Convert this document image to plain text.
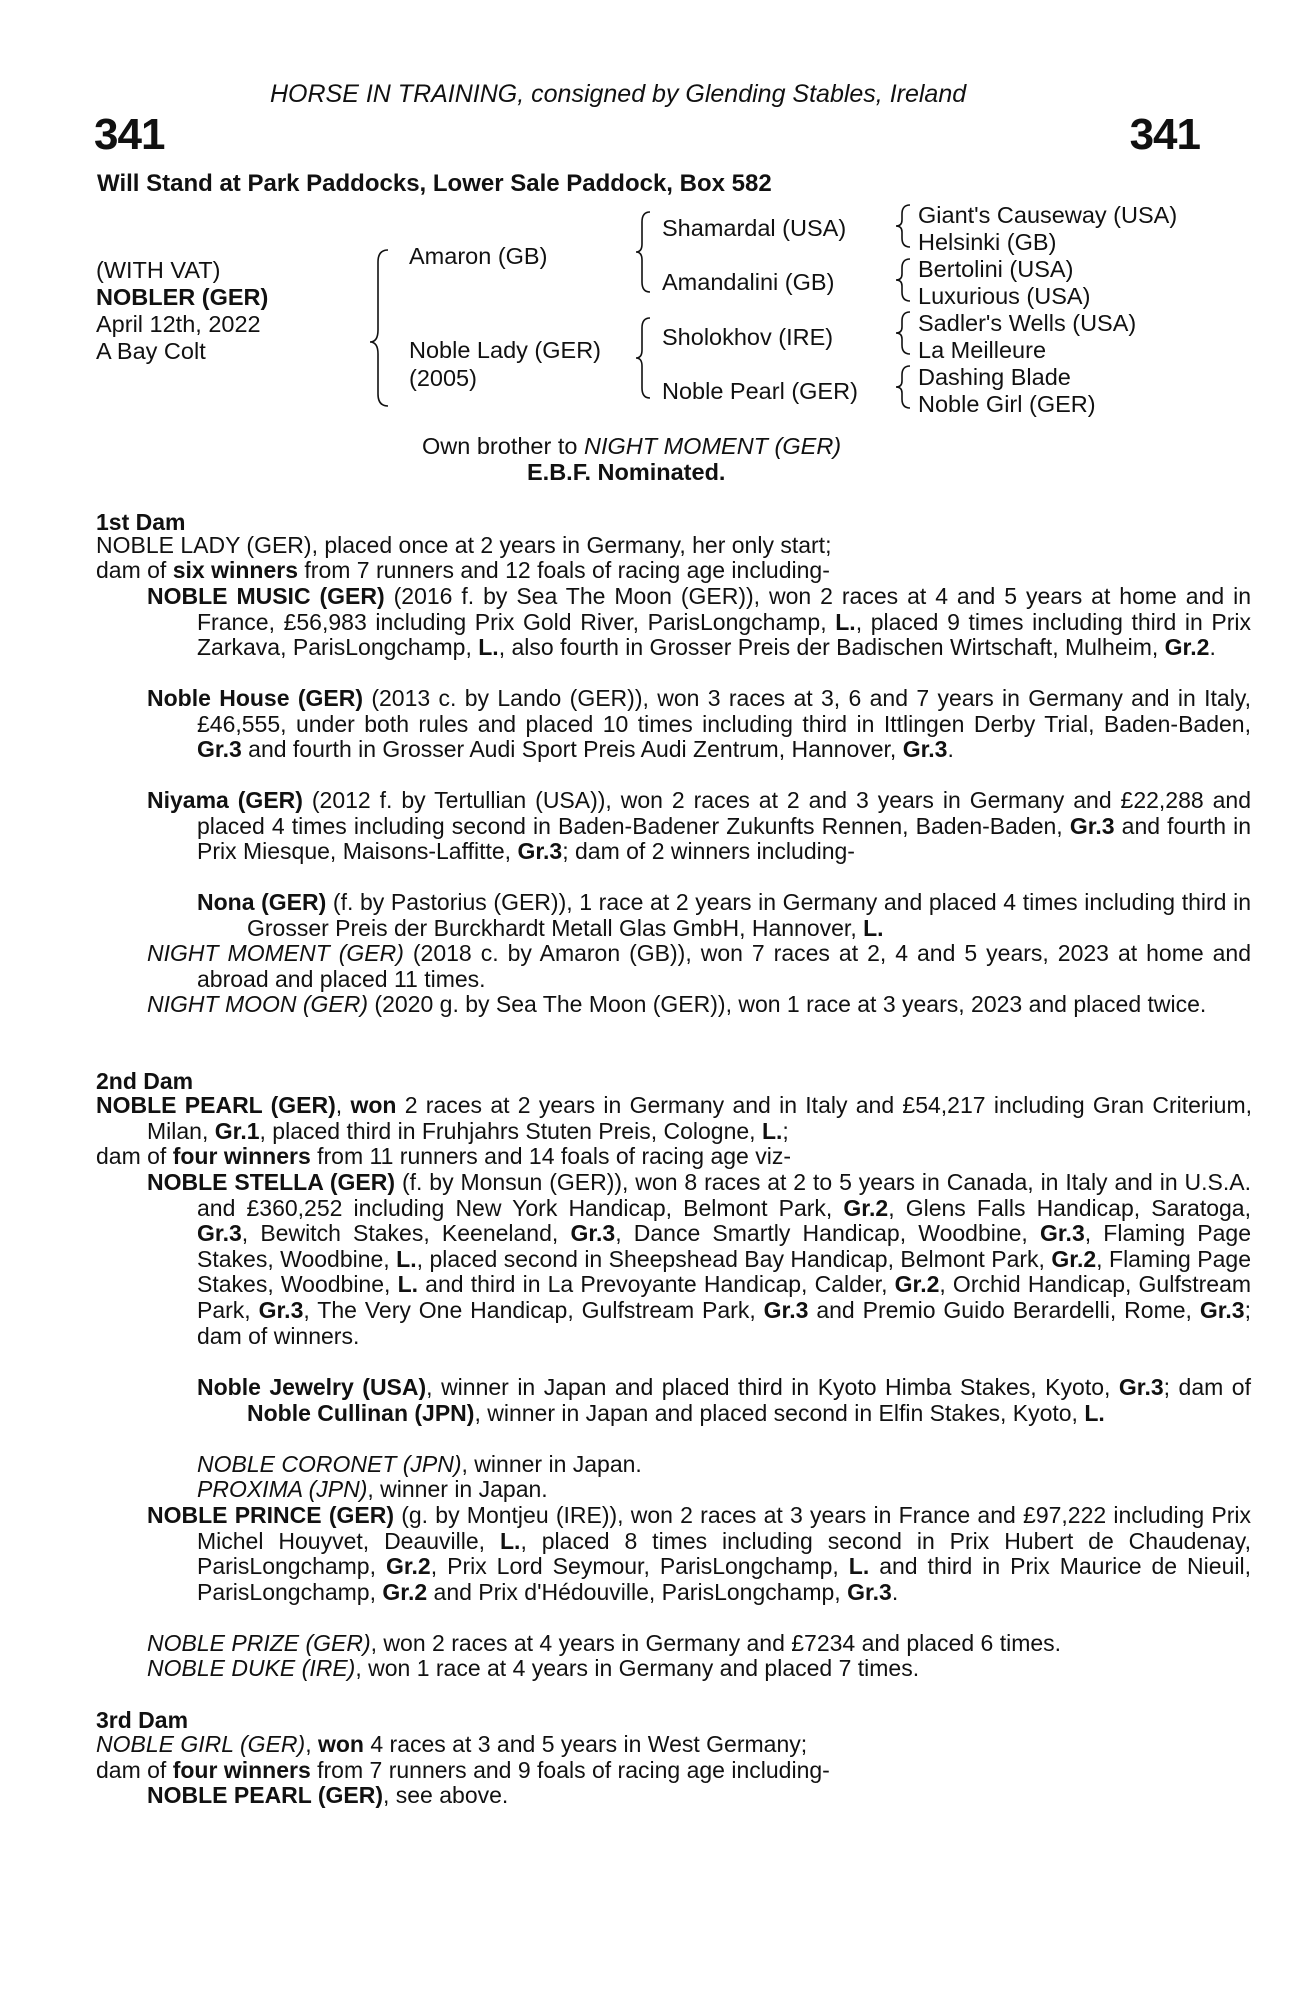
HORSE IN TRAINING, consigned by Glending Stables, Ireland
341	341
Will Stand at Park Paddocks, Lower Sale Paddock, Box 582
(WITH VAT)
NOBLER (GER)
April 12th, 2022
A Bay Colt
Amaron (GB)
Noble Lady (GER)
(2005)
Shamardal (USA)
Amandalini (GB)
Sholokhov (IRE)
Noble Pearl (GER)
Giant's Causeway (USA)
Helsinki (GB)
Bertolini (USA)
Luxurious (USA)
Sadler's Wells (USA)
La Meilleure
Dashing Blade
Noble Girl (GER)
Own brother to NIGHT MOMENT (GER)
E.B.F. Nominated.
1st Dam
NOBLE LADY (GER), placed once at 2 years in Germany, her only start;
dam of six winners from 7 runners and 12 foals of racing age including-
NOBLE MUSIC (GER) (2016 f. by Sea The Moon (GER)), won 2 races at 4 and 5 years at home and in France, £56,983 including Prix Gold River, ParisLongchamp, L., placed 9 times including third in Prix Zarkava, ParisLongchamp, L., also fourth in Grosser Preis der Badischen Wirtschaft, Mulheim, Gr.2.
Noble House (GER) (2013 c. by Lando (GER)), won 3 races at 3, 6 and 7 years in Germany and in Italy, £46,555, under both rules and placed 10 times including third in Ittlingen Derby Trial, Baden-Baden, Gr.3 and fourth in Grosser Audi Sport Preis Audi Zentrum, Hannover, Gr.3.
Niyama (GER) (2012 f. by Tertullian (USA)), won 2 races at 2 and 3 years in Germany and £22,288 and placed 4 times including second in Baden-Badener Zukunfts Rennen, Baden-Baden, Gr.3 and fourth in Prix Miesque, Maisons-Laffitte, Gr.3; dam of 2 winners including-
Nona (GER) (f. by Pastorius (GER)), 1 race at 2 years in Germany and placed 4 times including third in Grosser Preis der Burckhardt Metall Glas GmbH, Hannover, L.
NIGHT MOMENT (GER) (2018 c. by Amaron (GB)), won 7 races at 2, 4 and 5 years, 2023 at home and abroad and placed 11 times.
NIGHT MOON (GER) (2020 g. by Sea The Moon (GER)), won 1 race at 3 years, 2023 and placed twice.
2nd Dam
NOBLE PEARL (GER), won 2 races at 2 years in Germany and in Italy and £54,217 including Gran Criterium, Milan, Gr.1, placed third in Fruhjahrs Stuten Preis, Cologne, L.;
dam of four winners from 11 runners and 14 foals of racing age viz-
NOBLE STELLA (GER) (f. by Monsun (GER)), won 8 races at 2 to 5 years in Canada, in Italy and in U.S.A. and £360,252 including New York Handicap, Belmont Park, Gr.2, Glens Falls Handicap, Saratoga, Gr.3, Bewitch Stakes, Keeneland, Gr.3, Dance Smartly Handicap, Woodbine, Gr.3, Flaming Page Stakes, Woodbine, L., placed second in Sheepshead Bay Handicap, Belmont Park, Gr.2, Flaming Page Stakes, Woodbine, L. and third in La Prevoyante Handicap, Calder, Gr.2, Orchid Handicap, Gulfstream Park, Gr.3, The Very One Handicap, Gulfstream Park, Gr.3 and Premio Guido Berardelli, Rome, Gr.3; dam of winners.
Noble Jewelry (USA), winner in Japan and placed third in Kyoto Himba Stakes, Kyoto, Gr.3; dam of Noble Cullinan (JPN), winner in Japan and placed second in Elfin Stakes, Kyoto, L.
NOBLE CORONET (JPN), winner in Japan.
PROXIMA (JPN), winner in Japan.
NOBLE PRINCE (GER) (g. by Montjeu (IRE)), won 2 races at 3 years in France and £97,222 including Prix Michel Houyvet, Deauville, L., placed 8 times including second in Prix Hubert de Chaudenay, ParisLongchamp, Gr.2, Prix Lord Seymour, ParisLongchamp, L. and third in Prix Maurice de Nieuil, ParisLongchamp, Gr.2 and Prix d'Hédouville, ParisLongchamp, Gr.3.
NOBLE PRIZE (GER), won 2 races at 4 years in Germany and £7234 and placed 6 times.
NOBLE DUKE (IRE), won 1 race at 4 years in Germany and placed 7 times.
3rd Dam
NOBLE GIRL (GER), won 4 races at 3 and 5 years in West Germany;
dam of four winners from 7 runners and 9 foals of racing age including-
NOBLE PEARL (GER), see above.
